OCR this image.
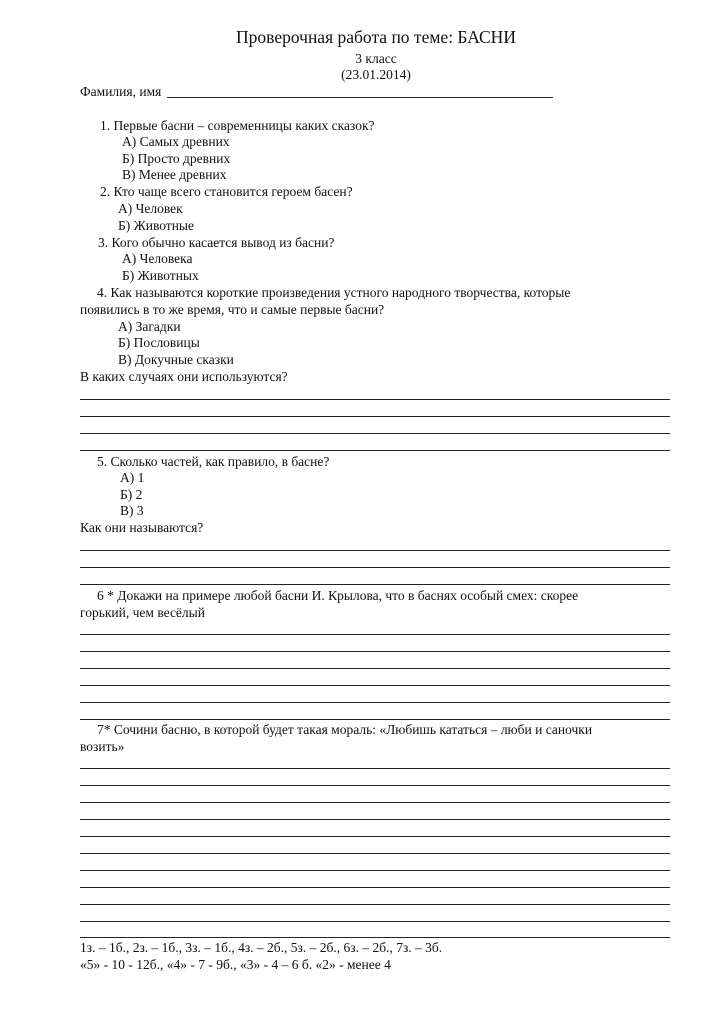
Проверочная работа по теме: БАСНИ
3 класс
(23.01.2014)
Фамилия, имя
1. Первые басни – современницы каких сказок?
А) Самых древних
Б) Просто древних
В) Менее древних
2. Кто чаще всего становится героем басен?
А) Человек
Б) Животные
3. Кого обычно касается вывод из басни?
А) Человека
Б) Животных
4. Как называются короткие произведения устного народного творчества, которые
появились в то же время, что и самые первые басни?
А) Загадки
Б) Пословицы
В) Докучные сказки
В каких случаях они используются?
5. Сколько частей, как правило, в басне?
А) 1
Б) 2
В) 3
Как они называются?
6 * Докажи на примере любой басни И. Крылова, что в баснях особый смех: скорее
горький, чем весёлый
7* Сочини басню, в которой будет такая мораль: «Любишь кататься – люби и саночки
возить»
1з. – 1б., 2з. – 1б., 3з. – 1б., 4з. – 2б., 5з. – 2б., 6з. – 2б., 7з. – 3б.
«5» - 10 - 12б., «4» - 7 - 9б., «3» - 4 – 6 б. «2» - менее 4
